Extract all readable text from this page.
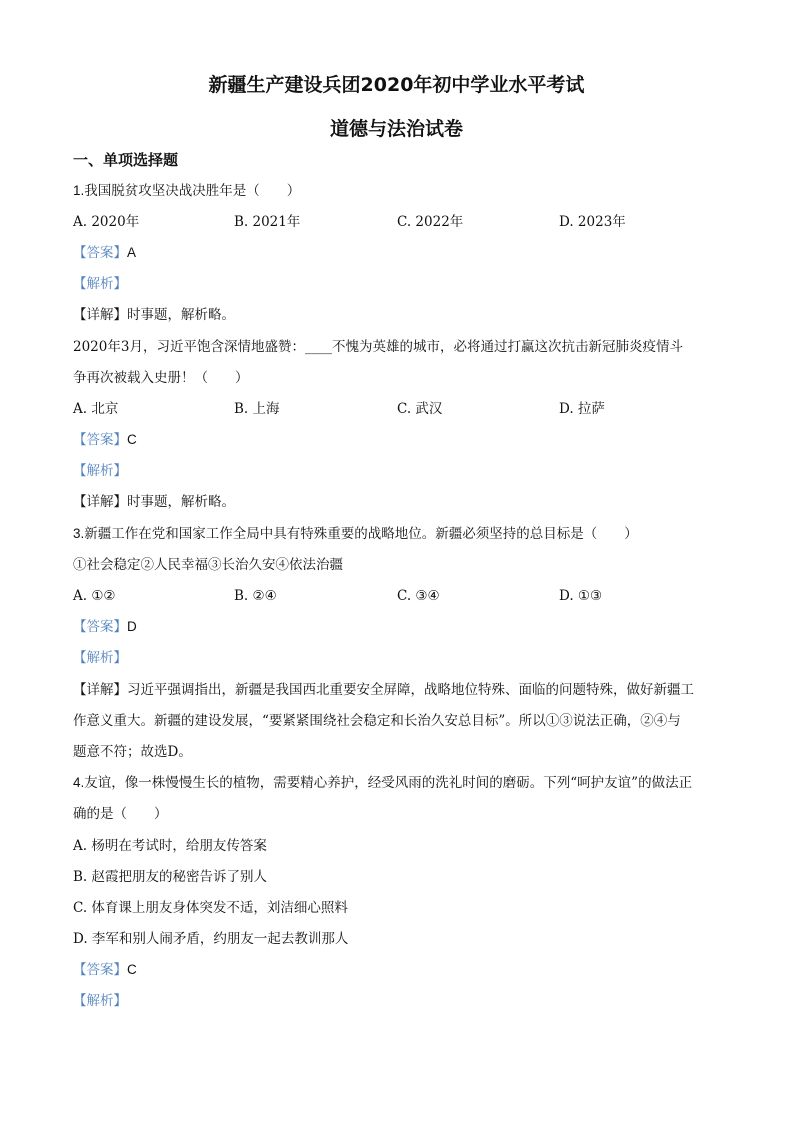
新疆生产建设兵团2020年初中学业水平考试
道德与法治试卷
一、单项选择题
1.我国脱贫攻坚决战决胜年是（　　）
A. 2020年	B. 2021年	C. 2022年	D. 2023年
【答案】A
【解析】
【详解】时事题，解析略。
2020年3月，习近平饱含深情地盛赞：____不愧为英雄的城市，必将通过打赢这次抗击新冠肺炎疫情斗
争再次被载入史册！（　　）
A. 北京	B. 上海	C. 武汉	D. 拉萨
【答案】C
【解析】
【详解】时事题，解析略。
3.新疆工作在党和国家工作全局中具有特殊重要的战略地位。新疆必须坚持的总目标是（　　）
①社会稳定②人民幸福③长治久安④依法治疆
A. ①②	B. ②④	C. ③④	D. ①③
【答案】D
【解析】
【详解】习近平强调指出，新疆是我国西北重要安全屏障，战略地位特殊、面临的问题特殊，做好新疆工
作意义重大。新疆的建设发展，“要紧紧围绕社会稳定和长治久安总目标”。所以①③说法正确，②④与
题意不符；故选D。
4.友谊，像一株慢慢生长的植物，需要精心养护，经受风雨的洗礼时间的磨砺。下列“呵护友谊”的做法正
确的是（　　）
A. 杨明在考试时，给朋友传答案
B. 赵霞把朋友的秘密告诉了别人
C. 体育课上朋友身体突发不适，刘洁细心照料
D. 李军和别人闹矛盾，约朋友一起去教训那人
【答案】C
【解析】
